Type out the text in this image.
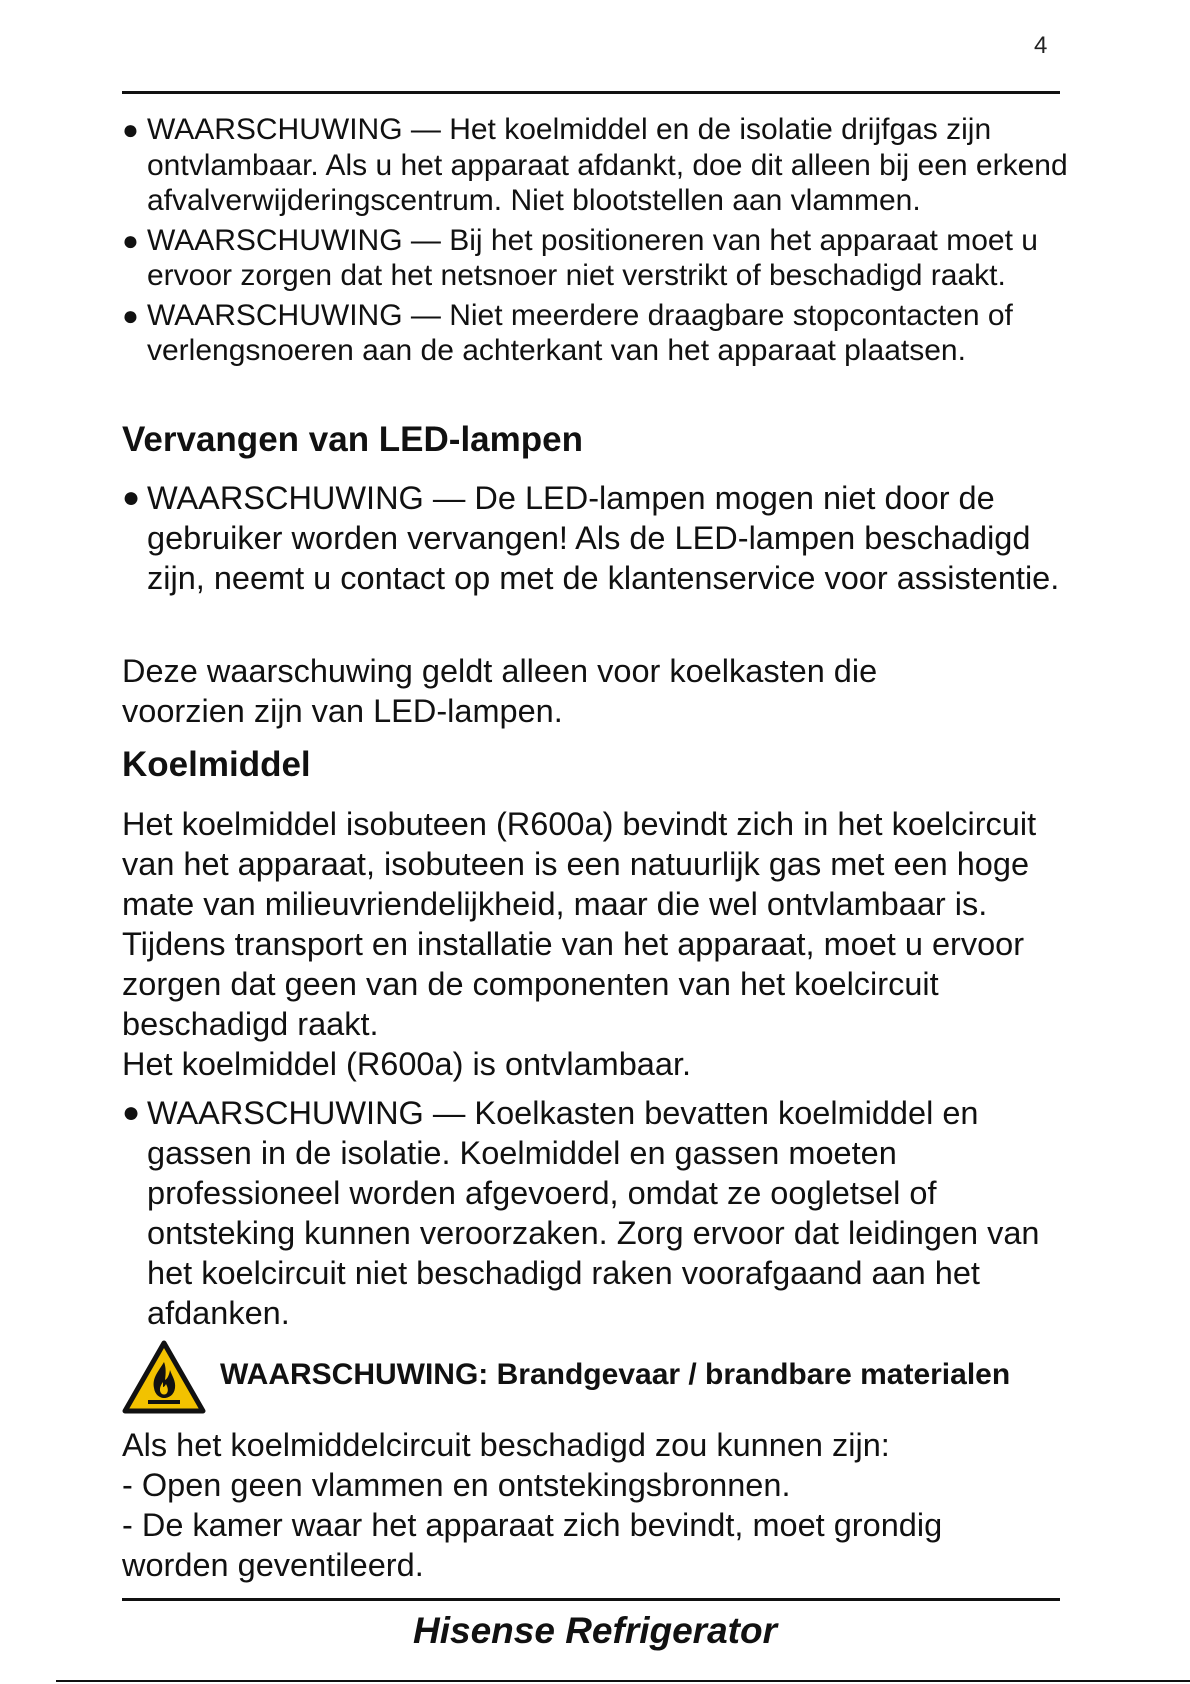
4
● WAARSCHUWING — Het koelmiddel en de isolatie drijfgas zijn ontvlambaar. Als u het apparaat afdankt, doe dit alleen bij een erkend afvalverwijderingscentrum. Niet blootstellen aan vlammen.
● WAARSCHUWING — Bij het positioneren van het apparaat moet u ervoor zorgen dat het netsnoer niet verstrikt of beschadigd raakt.
● WAARSCHUWING — Niet meerdere draagbare stopcontacten of verlengsnoeren aan de achterkant van het apparaat plaatsen.
Vervangen van LED-lampen
● WAARSCHUWING — De LED-lampen mogen niet door de gebruiker worden vervangen! Als de LED-lampen beschadigd zijn, neemt u contact op met de klantenservice voor assistentie.
Deze waarschuwing geldt alleen voor koelkasten die voorzien zijn van LED-lampen.
Koelmiddel
Het koelmiddel isobuteen (R600a) bevindt zich in het koelcircuit van het apparaat, isobuteen is een natuurlijk gas met een hoge mate van milieuvriendelijkheid, maar die wel ontvlambaar is. Tijdens transport en installatie van het apparaat, moet u ervoor zorgen dat geen van de componenten van het koelcircuit beschadigd raakt.
Het koelmiddel (R600a) is ontvlambaar.
● WAARSCHUWING — Koelkasten bevatten koelmiddel en gassen in de isolatie. Koelmiddel en gassen moeten professioneel worden afgevoerd, omdat ze oogletsel of ontsteking kunnen veroorzaken. Zorg ervoor dat leidingen van het koelcircuit niet beschadigd raken voorafgaand aan het afdanken.
WAARSCHUWING: Brandgevaar / brandbare materialen
Als het koelmiddelcircuit beschadigd zou kunnen zijn:
- Open geen vlammen en ontstekingsbronnen.
- De kamer waar het apparaat zich bevindt, moet grondig worden geventileerd.
Hisense Refrigerator
